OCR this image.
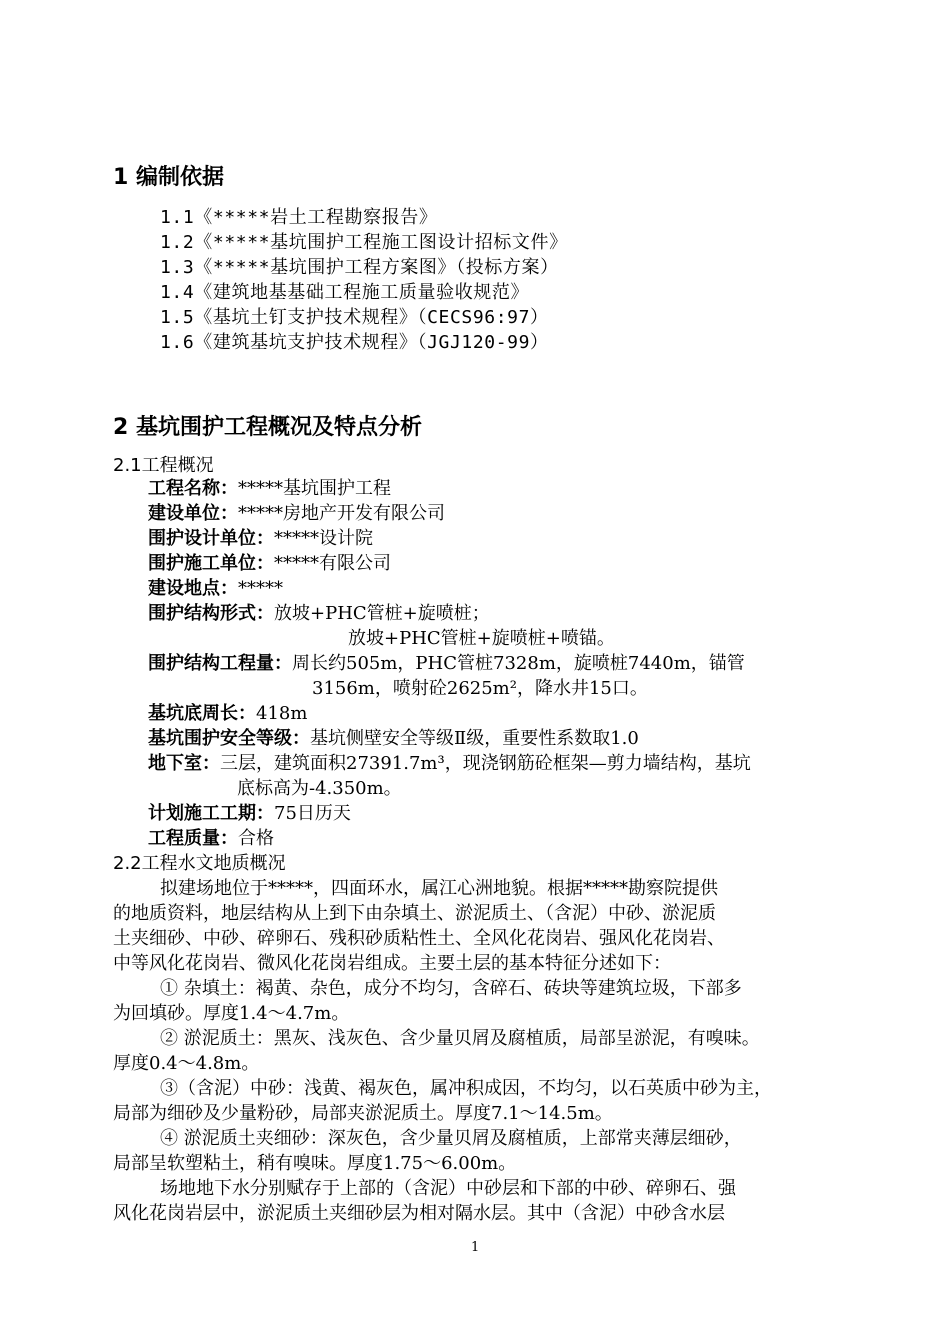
1 编制依据
1.1《*****岩土工程勘察报告》
1.2《*****基坑围护工程施工图设计招标文件》
1.3《*****基坑围护工程方案图》（投标方案）
1.4《建筑地基基础工程施工质量验收规范》
1.5《基坑土钉支护技术规程》（CECS96:97）
1.6《建筑基坑支护技术规程》（JGJ120-99）
2 基坑围护工程概况及特点分析
2.1工程概况
工程名称：*****基坑围护工程
建设单位：*****房地产开发有限公司
围护设计单位：*****设计院
围护施工单位：*****有限公司
建设地点：*****
围护结构形式：放坡+PHC管桩+旋喷桩；
放坡+PHC管桩+旋喷桩+喷锚。
围护结构工程量：周长约505m，PHC管桩7328m，旋喷桩7440m，锚管
3156m，喷射砼2625m²，降水井15口。
基坑底周长：418m
基坑围护安全等级：基坑侧壁安全等级Ⅱ级，重要性系数取1.0
地下室：三层，建筑面积27391.7m³，现浇钢筋砼框架—剪力墙结构，基坑
底标高为-4.350m。
计划施工工期：75日历天
工程质量：合格
2.2工程水文地质概况
拟建场地位于*****，四面环水，属江心洲地貌。根据*****勘察院提供
的地质资料，地层结构从上到下由杂填土、淤泥质土、（含泥）中砂、淤泥质
土夹细砂、中砂、碎卵石、残积砂质粘性土、全风化花岗岩、强风化花岗岩、
中等风化花岗岩、微风化花岗岩组成。主要土层的基本特征分述如下：
① 杂填土：褐黄、杂色，成分不均匀，含碎石、砖块等建筑垃圾，下部多
为回填砂。厚度1.4～4.7m。
② 淤泥质土：黑灰、浅灰色、含少量贝屑及腐植质，局部呈淤泥，有嗅味。
厚度0.4～4.8m。
③（含泥）中砂：浅黄、褐灰色，属冲积成因，不均匀，以石英质中砂为主，
局部为细砂及少量粉砂，局部夹淤泥质土。厚度7.1～14.5m。
④ 淤泥质土夹细砂：深灰色，含少量贝屑及腐植质，上部常夹薄层细砂，
局部呈软塑粘土，稍有嗅味。厚度1.75～6.00m。
场地地下水分别赋存于上部的（含泥）中砂层和下部的中砂、碎卵石、强
风化花岗岩层中，淤泥质土夹细砂层为相对隔水层。其中（含泥）中砂含水层
1
